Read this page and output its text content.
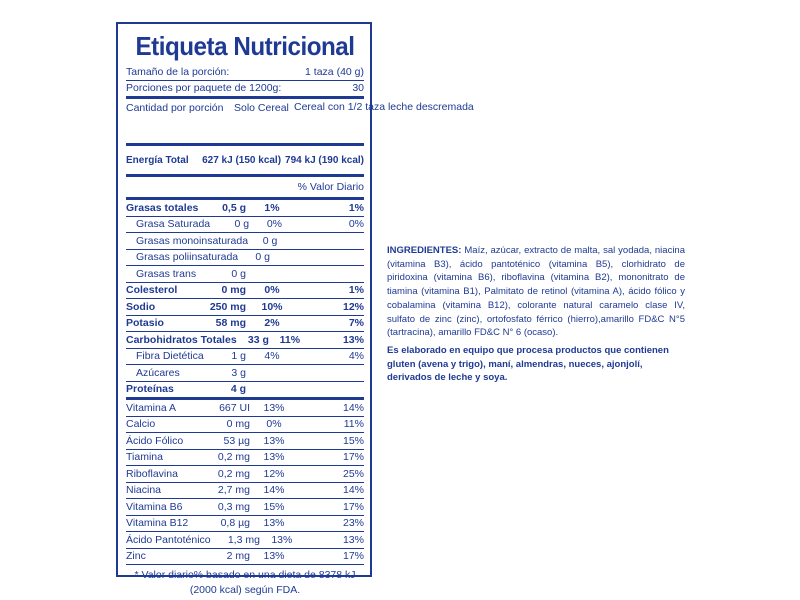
Etiqueta Nutricional
Tamaño de la porción:	1 taza (40 g)
Porciones por paquete de 1200g:	30
Cantidad por porción	Solo Cereal Cereal con 1/2 taza leche descremada
Energía Total	627 kJ (150 kcal) 794 kJ (190 kcal)
% Valor Diario
Grasas totales	0,5 g	1%	1%
Grasa Saturada	0 g	0%	0%
Grasas monoinsaturada	0 g
Grasas poliinsaturada	0 g
Grasas trans	0 g
Colesterol	0 mg	0%	1%
Sodio	250 mg	10%	12%
Potasio	58 mg	2%	7%
Carbohidratos Totales	33 g	11%	13%
Fibra Dietética	1 g	4%	4%
Azúcares	3 g
Proteínas	4 g
Vitamina A	667 UI	13%	14%
Calcio	0 mg	0%	11%
Ácido Fólico	53 µg	13%	15%
Tiamina	0,2 mg	13%	17%
Riboflavina	0,2 mg	12%	25%
Niacina	2,7 mg	14%	14%
Vitamina B6	0,3 mg	15%	17%
Vitamina B12	0,8 µg	13%	23%
Ácido Pantoténico	1,3 mg	13%	13%
Zinc	2 mg	13%	17%
* Valor diario% basado en una dieta de 8378 kJ (2000 kcal) según FDA.
INGREDIENTES: Maíz, azúcar, extracto de malta, sal yodada, niacina (vitamina B3), ácido pantoténico (vitamina B5), clorhidrato de piridoxina (vitamina B6), riboflavina (vitamina B2), mononitrato de tiamina (vitamina B1), Palmitato de retinol (vitamina A), ácido fólico y cobalamina (vitamina B12), colorante natural caramelo clase IV, sulfato de zinc (zinc), ortofosfato férrico (hierro),amarillo FD&C N°5 (tartracina), amarillo FD&C N° 6 (ocaso).
Es elaborado en equipo que procesa productos que contienen gluten (avena y trigo), maní, almendras, nueces, ajonjolí, derivados de leche y soya.
